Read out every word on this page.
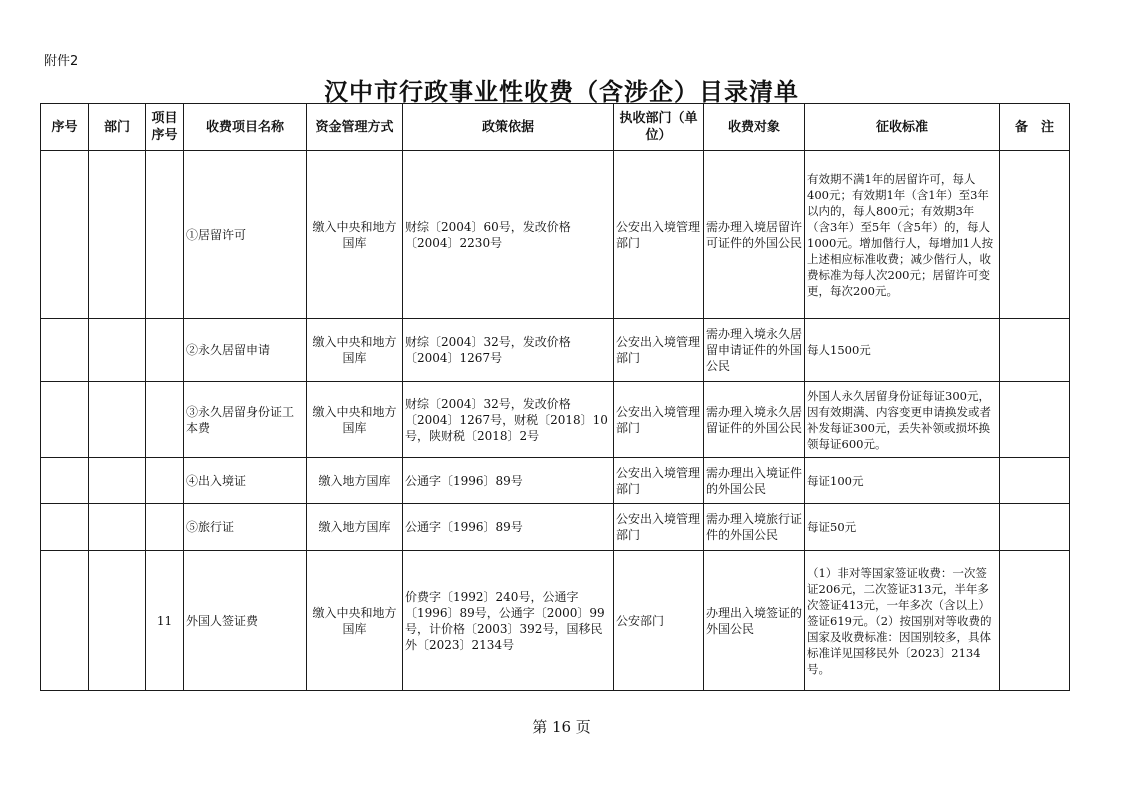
附件2
汉中市行政事业性收费（含涉企）目录清单
序号	部门	项目序号	收费项目名称	资金管理方式	政策依据	执收部门（单位）	收费对象	征收标准	备　注
			①居留许可	缴入中央和地方国库	财综〔2004〕60号，发改价格〔2004〕2230号	公安出入境管理部门	需办理入境居留许可证件的外国公民	有效期不满1年的居留许可，每人400元；有效期1年（含1年）至3年以内的，每人800元；有效期3年（含3年）至5年（含5年）的，每人1000元。增加偕行人，每增加1人按上述相应标准收费；减少偕行人，收费标准为每人次200元；居留许可变更，每次200元。	
			②永久居留申请	缴入中央和地方国库	财综〔2004〕32号，发改价格〔2004〕1267号	公安出入境管理部门	需办理入境永久居留申请证件的外国公民	每人1500元	
			③永久居留身份证工本费	缴入中央和地方国库	财综〔2004〕32号，发改价格〔2004〕1267号，财税〔2018〕10号，陕财税〔2018〕2号	公安出入境管理部门	需办理入境永久居留证件的外国公民	外国人永久居留身份证每证300元，因有效期满、内容变更申请换发或者补发每证300元，丢失补领或损坏换领每证600元。	
			④出入境证	缴入地方国库	公通字〔1996〕89号	公安出入境管理部门	需办理出入境证件的外国公民	每证100元	
			⑤旅行证	缴入地方国库	公通字〔1996〕89号	公安出入境管理部门	需办理入境旅行证件的外国公民	每证50元	
		11	外国人签证费	缴入中央和地方国库	价费字〔1992〕240号，公通字〔1996〕89号，公通字〔2000〕99号，计价格〔2003〕392号，国移民外〔2023〕2134号	公安部门	办理出入境签证的外国公民	（1）非对等国家签证收费：一次签证206元，二次签证313元，半年多次签证413元，一年多次（含以上）签证619元。（2）按国别对等收费的国家及收费标准：因国别较多，具体标准详见国移民外〔2023〕2134号。	
第 16 页
